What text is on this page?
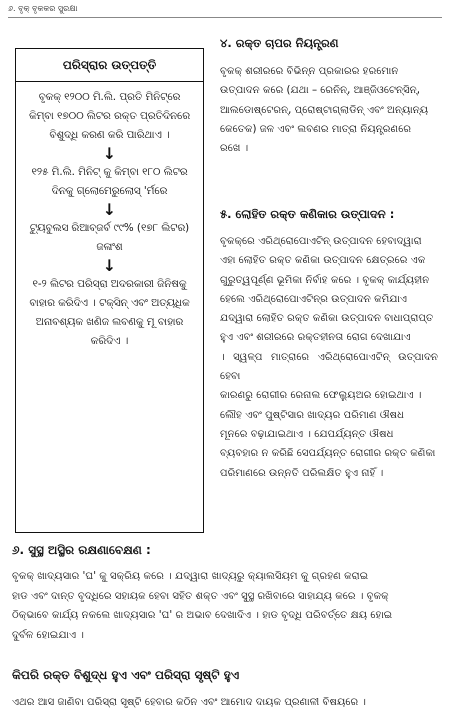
୬. ବୃକ୍‌ ବୃକକର ସୁରକ୍ଷା
ପରିସ୍ରାର ଉତ୍ପତ୍ତି

ବୃକକ୍ ୧୨୦୦ ମି.ଲି. ପ୍ରତି ମିନିଟ୍‌ରେ କିମ୍ବା ୧୭୦୦ ଲିଟର ରକ୍ତ ପ୍ରତିଦିନରେ ବିଶୁଦ୍ଧି କରଣ କରି ପାରିଥାଏ ।

↓

୧୨୫ ମି.ଲି. ମିନିଟ୍‌ କୁ କିମ୍ବା ୧୮୦ ଲିଟର ଦିନକୁ ଗ୍ଲୋମେରୁଲୋସ୍ 'ର୍ମରେ

↓

ଟ୍ୟୁବୁଲସ ରିଆବ୍ଜର୍ବ ୯୯% (୧୭୮ ଲିଟର) ଜଳାଂଶ

↓

୧-୨ ଲିଟର ପରିସ୍ରା ଅଦରକାରୀ ଜିନିଷକୁ ବାହାର କରିଦିଏ । ଟକ୍ସିନ୍‌ ଏବଂ ଅତ୍ୟଧିକ ଅନାବଶ୍ୟକ ଖଣିଜ ଲବଣକୁ ମୂ ବାହାର କରିଦିଏ ।

୪. ରକ୍ତ ଚାପର ନିୟନ୍ତ୍ରଣ
ବୃକକ୍ ଶରୀରରେ ବିଭିନ୍ନ ପ୍ରକାରର ହରମୋନ
ଉତ୍ପାଦନ କରେ (ଯଥା – ରେନିନ୍‌, ଆଞ୍ଜିଓଟେନ୍‌ସିନ୍‌,
ଆଲଡୋଷ୍ଟେରନ୍‌, ପ୍ରୋଷ୍ଟାଗ୍ଲାଡିନ୍‌ ଏବଂ ଅନ୍ୟାନ୍ୟ
କେତେକ) ଜଳ ଏବଂ ଲବଣର ମାତ୍ରା ନିୟନ୍ତ୍ରଣରେ
ରଖେ ।
୫. ଲୋହିତ ରକ୍ତ କଣିକାର ଉତ୍ପାଦନ :
ବୃକକ୍‌ରେ ଏରିଥ୍ରୋପୋଏଟିନ୍‌ ଉତ୍ପାଦନ ହେବାଦ୍ୱାରା
ଏହା ଲୋହିତ ରକ୍ତ କଣିକା ଉତ୍ପାଦନ କ୍ଷେତ୍ରରେ ଏକ
ଗୁରୁତ୍ୱପୂର୍ଣ୍ଣ ଭୂମିକା ନିର୍ବାହ କରେ । ବୃକକ୍ କାର୍ଯ୍ୟହୀନ
ହେଲେ ଏରିଥ୍ରୋପୋଏଟିନ୍‌ର ଉତ୍ପାଦନ କମିଯାଏ
ଯଦ୍ୱାରା ଲୋହିତ ରକ୍ତ କଣିକା ଉତ୍ପାଦନ ବାଧାପ୍ରାପ୍ତ
ହୁଏ ଏବଂ ଶରୀରରେ ରକ୍ତହୀନତା ରୋଗ ଦେଖାଯାଏ
। ସ୍ୱଳ୍ପ ମାତ୍ରାରେ ଏରିଥ୍ରୋପୋଏଟିନ୍‌ ଉତ୍ପାଦନ ହେବା
କାରଣରୁ ରୋଗୀର ରେନାଲ ଫେଲ୍ୟୁଅର ହୋଇଥାଏ ।
ଲୌହ ଏବଂ ପୁଷ୍ଟିସାର ଖାଦ୍ୟର ପରିମାଣ ଔଷଧ
ମୂନରେ ବଢ଼ାଯାଇଥାଏ । ଯେପର୍ଯ୍ୟନ୍ତ ଔଷଧ
ବ୍ୟବହାର ନ କରିଛି ସେପର୍ଯ୍ୟନ୍ତ ରୋଗୀର ରକ୍ତ କଣିକା
ପରିମାଣରେ ଉନ୍ନତି ପରିଲକ୍ଷିତ ହୁଏ ନାହିଁ ।
୬. ସୁସ୍ଥ ଅସ୍ଥିର ରକ୍ଷଣାବେକ୍ଷଣ :
ବୃକକ୍ ଖାଦ୍ୟସାର 'ଘ' କୁ ସକ୍ରିୟ କରେ । ଯଦ୍ୱାରା ଖାଦ୍ୟରୁ କ୍ୟାଲସିୟମ କୁ ଗ୍ରହଣ କରାଇ
ହାଡ ଏବଂ ଦାନ୍ତ ବୃଦ୍ଧିରେ ସହାୟକ ହେବା ସହିତ ଶକ୍ତ ଏବଂ ସୁସ୍ଥ ରଖିବାରେ ସାହାଯ୍ୟ କରେ । ବୃକକ୍‌
ଠିକ୍‌ଭାବେ କାର୍ଯ୍ୟ ନକଲେ ଖାଦ୍ୟସାର 'ଘ' ର ଅଭାବ ଦେଖାଦିଏ । ହାଡ ବୃଦ୍ଧି ପରିବର୍ତ୍ତେ କ୍ଷୟ ହୋଇ
ଦୁର୍ବଳ ହୋଇଯାଏ ।
କିପରି ରକ୍ତ ବିଶୁଦ୍ଧ ହୁଏ ଏବଂ ପରିସ୍ରା ସୃଷ୍ଟି ହୁଏ
ଏଥର ଆସ ଜାଣିବା ପରିସ୍ରା ସୃଷ୍ଟି ହେବାର କଠିନ ଏବଂ ଆମୋଦ ଦାୟକ ପ୍ରଣାଳୀ ବିଷୟରେ ।
